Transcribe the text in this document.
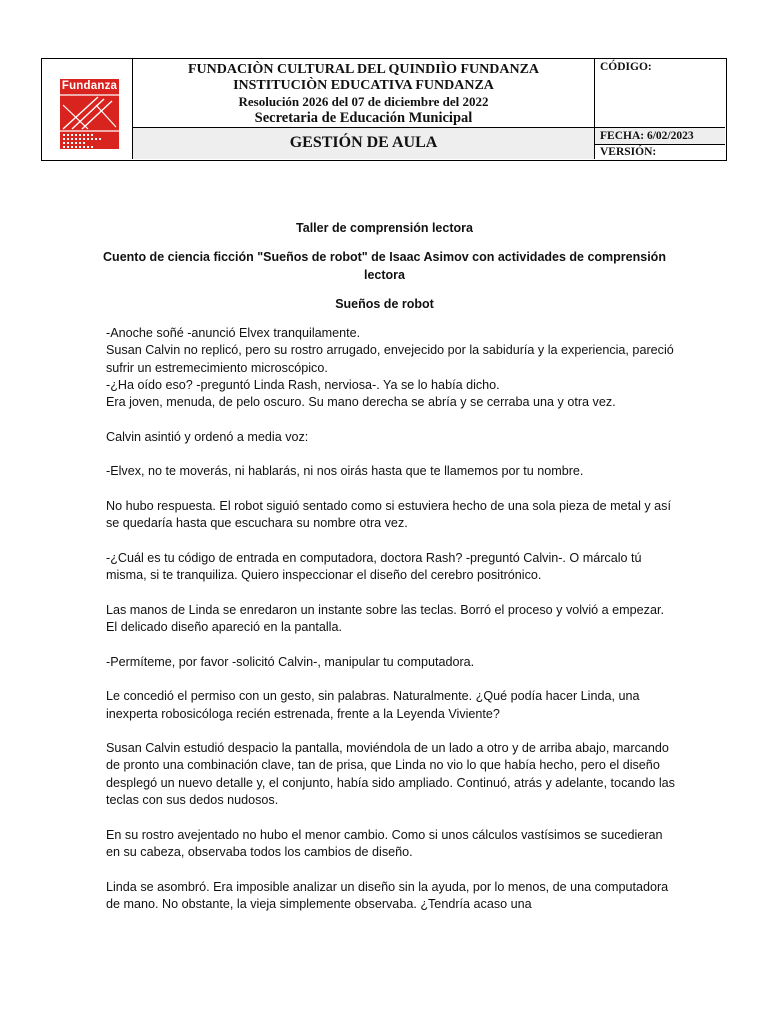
Fundanza
FUNDACIÒN CULTURAL DEL QUINDIÌO FUNDANZA
INSTITUCIÒN EDUCATIVA FUNDANZA
Resolución 2026 del 07 de diciembre del 2022
Secretaria de Educación Municipal
GESTIÓN DE AULA
CÓDIGO:
FECHA: 6/02/2023
VERSIÓN:
Taller de comprensión lectora
Cuento de ciencia ficción "Sueños de robot" de Isaac Asimov con actividades de comprensión lectora
Sueños de robot

-Anoche soñé -anunció Elvex tranquilamente.
Susan Calvin no replicó, pero su rostro arrugado, envejecido por la sabiduría y la experiencia, pareció sufrir un estremecimiento microscópico.
-¿Ha oído eso? -preguntó Linda Rash, nerviosa-. Ya se lo había dicho.
Era joven, menuda, de pelo oscuro. Su mano derecha se abría y se cerraba una y otra vez.

Calvin asintió y ordenó a media voz:

-Elvex, no te moverás, ni hablarás, ni nos oirás hasta que te llamemos por tu nombre.

No hubo respuesta. El robot siguió sentado como si estuviera hecho de una sola pieza de metal y así se quedaría hasta que escuchara su nombre otra vez.

-¿Cuál es tu código de entrada en computadora, doctora Rash? -preguntó Calvin-. O márcalo tú misma, si te tranquiliza. Quiero inspeccionar el diseño del cerebro positrónico.

Las manos de Linda se enredaron un instante sobre las teclas. Borró el proceso y volvió a empezar. El delicado diseño apareció en la pantalla.

-Permíteme, por favor -solicitó Calvin-, manipular tu computadora.

Le concedió el permiso con un gesto, sin palabras. Naturalmente. ¿Qué podía hacer Linda, una inexperta robosicóloga recién estrenada, frente a la Leyenda Viviente?

Susan Calvin estudió despacio la pantalla, moviéndola de un lado a otro y de arriba abajo, marcando de pronto una combinación clave, tan de prisa, que Linda no vio lo que había hecho, pero el diseño desplegó un nuevo detalle y, el conjunto, había sido ampliado. Continuó, atrás y adelante, tocando las teclas con sus dedos nudosos.

En su rostro avejentado no hubo el menor cambio. Como si unos cálculos vastísimos se sucedieran en su cabeza, observaba todos los cambios de diseño.

Linda se asombró. Era imposible analizar un diseño sin la ayuda, por lo menos, de una computadora de mano. No obstante, la vieja simplemente observaba. ¿Tendría acaso una
